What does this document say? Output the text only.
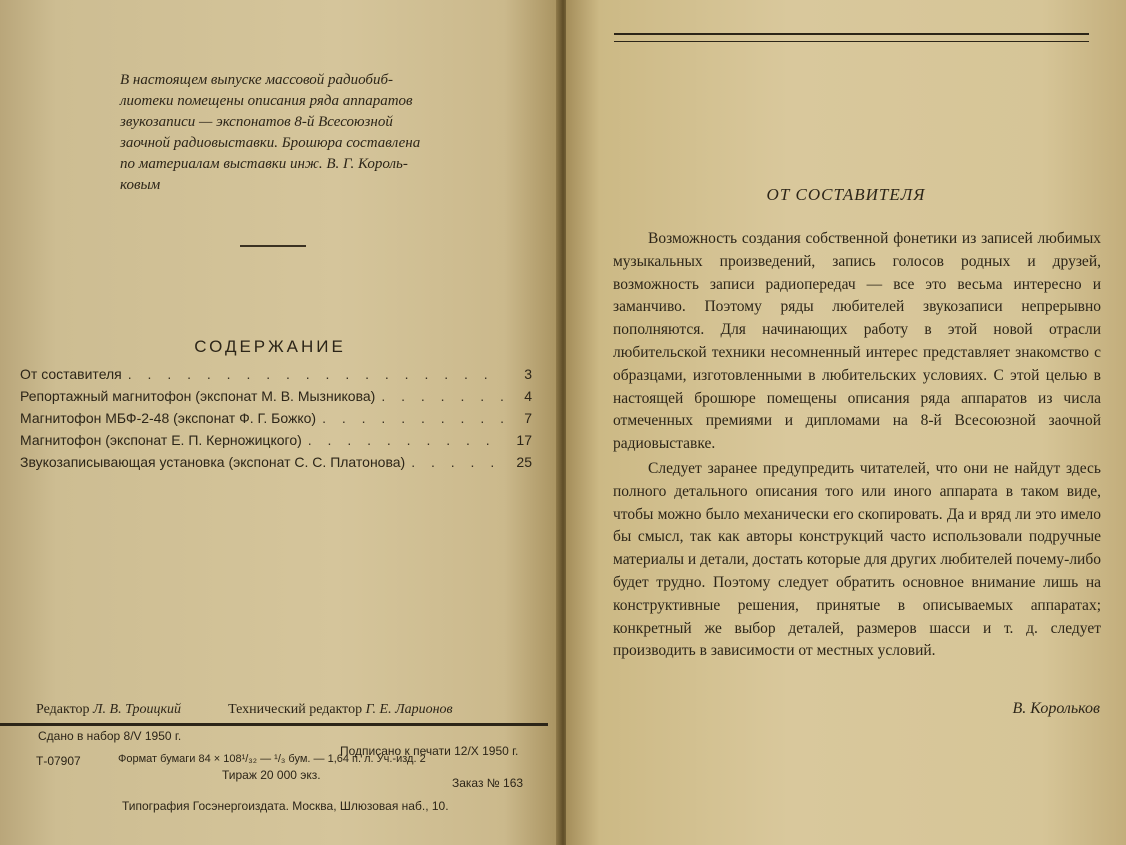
В настоящем выпуске массовой радиобиб-

лиотеки помещены описания ряда аппаратов

звукозаписи — экспонатов 8-й Всесоюзной

заочной радиовыставки. Брошюра составлена

по материалам выставки инж. В. Г. Король-

ковым

СОДЕРЖАНИЕ
От составителя . . .	3
Репортажный магнитофон (экспонат М. В. Мызникова) . . .	4
Магнитофон МБФ-2-48 (экспонат Ф. Г. Божко) . . .	7
Магнитофон (экспонат Е. П. Керножицкого) . . .	17
Звукозаписывающая установка (экспонат С. С. Платонова) . . .	25
Редактор Л. В. Троицкий	Технический редактор Г. Е. Ларионов
Сдано в набор 8/V 1950 г.
Подписано к печати 12/X 1950 г.
Т-07907	Формат бумаги 84 × 108¹/₃₂ — ¹/₃ бум. — 1,64 п. л. Уч.-изд. 2
Тираж 20 000 экз.
Заказ № 163
Типография Госэнергоиздата. Москва, Шлюзовая наб., 10.
ОТ СОСТАВИТЕЛЯ

Возможность создания собственной фонетики из записей любимых музыкальных произведений, запись голосов родных и друзей, возможность записи радиопередач — все это весьма интересно и заманчиво. Поэтому ряды любителей звукозаписи непрерывно пополняются. Для начинающих работу в этой новой отрасли любительской техники несомненный интерес представляет знакомство с образцами, изготовленными в любительских условиях. С этой целью в настоящей брошюре помещены описания ряда аппаратов из числа отмеченных премиями и дипломами на 8-й Всесоюзной заочной радиовыставке.

Следует заранее предупредить читателей, что они не найдут здесь полного детального описания того или иного аппарата в таком виде, чтобы можно было механически его скопировать. Да и вряд ли это имело бы смысл, так как авторы конструкций часто использовали подручные материалы и детали, достать которые для других любителей почему-либо будет трудно. Поэтому следует обратить основное внимание лишь на конструктивные решения, принятые в описываемых аппаратах; конкретный же выбор деталей, размеров шасси и т. д. следует производить в зависимости от местных условий.

В. Корольков
